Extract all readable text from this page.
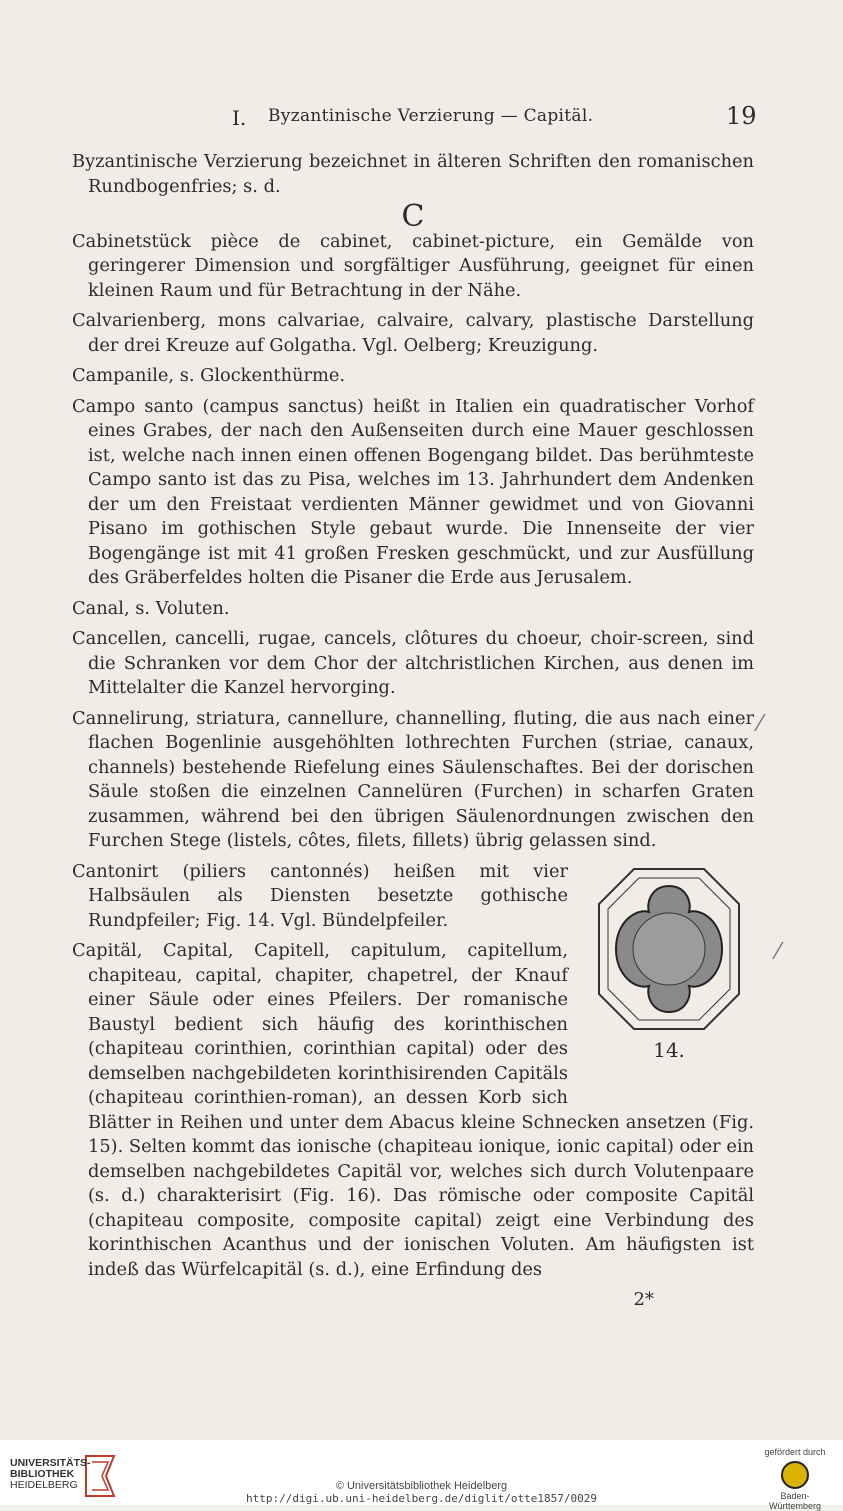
I. Byzantinische Verzierung — Capitäl.	19
⁄
⁄

Byzantinische Verzierung bezeichnet in älteren Schriften den romanischen Rundbogenfries; s. d.

C

Cabinetstück pièce de cabinet, cabinet-picture, ein Gemälde von geringerer Dimension und sorgfältiger Ausführung, geeignet für einen kleinen Raum und für Betrachtung in der Nähe.

Calvarienberg, mons calvariae, calvaire, calvary, plastische Darstellung der drei Kreuze auf Golgatha. Vgl. Oelberg; Kreuzigung.

Campanile, s. Glockenthürme.

Campo santo (campus sanctus) heißt in Italien ein quadratischer Vorhof eines Grabes, der nach den Außenseiten durch eine Mauer geschlossen ist, welche nach innen einen offenen Bogengang bildet. Das berühmteste Campo santo ist das zu Pisa, welches im 13. Jahrhundert dem Andenken der um den Freistaat verdienten Männer gewidmet und von Giovanni Pisano im gothischen Style gebaut wurde. Die Innenseite der vier Bogengänge ist mit 41 großen Fresken geschmückt, und zur Ausfüllung des Gräberfeldes holten die Pisaner die Erde aus Jerusalem.

Canal, s. Voluten.

Cancellen, cancelli, rugae, cancels, clôtures du choeur, choir-screen, sind die Schranken vor dem Chor der altchristlichen Kirchen, aus denen im Mittelalter die Kanzel hervorging.

Cannelirung, striatura, cannellure, channelling, fluting, die aus nach einer flachen Bogenlinie ausgehöhlten lothrechten Furchen (striae, canaux, channels) bestehende Riefelung eines Säulenschaftes. Bei der dorischen Säule stoßen die einzelnen Cannelüren (Furchen) in scharfen Graten zusammen, während bei den übrigen Säulenordnungen zwischen den Furchen Stege (listels, côtes, filets, fillets) übrig gelassen sind.

14.

Cantonirt (piliers cantonnés) heißen mit vier Halbsäulen als Diensten besetzte gothische Rundpfeiler; Fig. 14. Vgl. Bündelpfeiler.

Capitäl, Capital, Capitell, capitulum, capitellum, chapiteau, capital, chapiter, chapetrel, der Knauf einer Säule oder eines Pfeilers. Der romanische Baustyl bedient sich häufig des korinthischen (chapiteau corinthien, corinthian capital) oder des demselben nachgebildeten korinthisirenden Capitäls (chapiteau corinthien-roman), an dessen Korb sich Blätter in Reihen und unter dem Abacus kleine Schnecken ansetzen (Fig. 15). Selten kommt das ionische (chapiteau ionique, ionic capital) oder ein demselben nachgebildetes Capitäl vor, welches sich durch Volutenpaare (s. d.) charakterisirt (Fig. 16). Das römische oder composite Capitäl (chapiteau composite, composite capital) zeigt eine Verbindung des korinthischen Acanthus und der ionischen Voluten. Am häufigsten ist indeß das Würfelcapitäl (s. d.), eine Erfindung des

2*

UNIVERSITÄTS-
BIBLIOTHEK
HEIDELBERG	© Universitätsbibliothek Heidelberg
http://digi.ub.uni-heidelberg.de/diglit/otte1857/0029
gefördert durch
Baden-Württemberg
